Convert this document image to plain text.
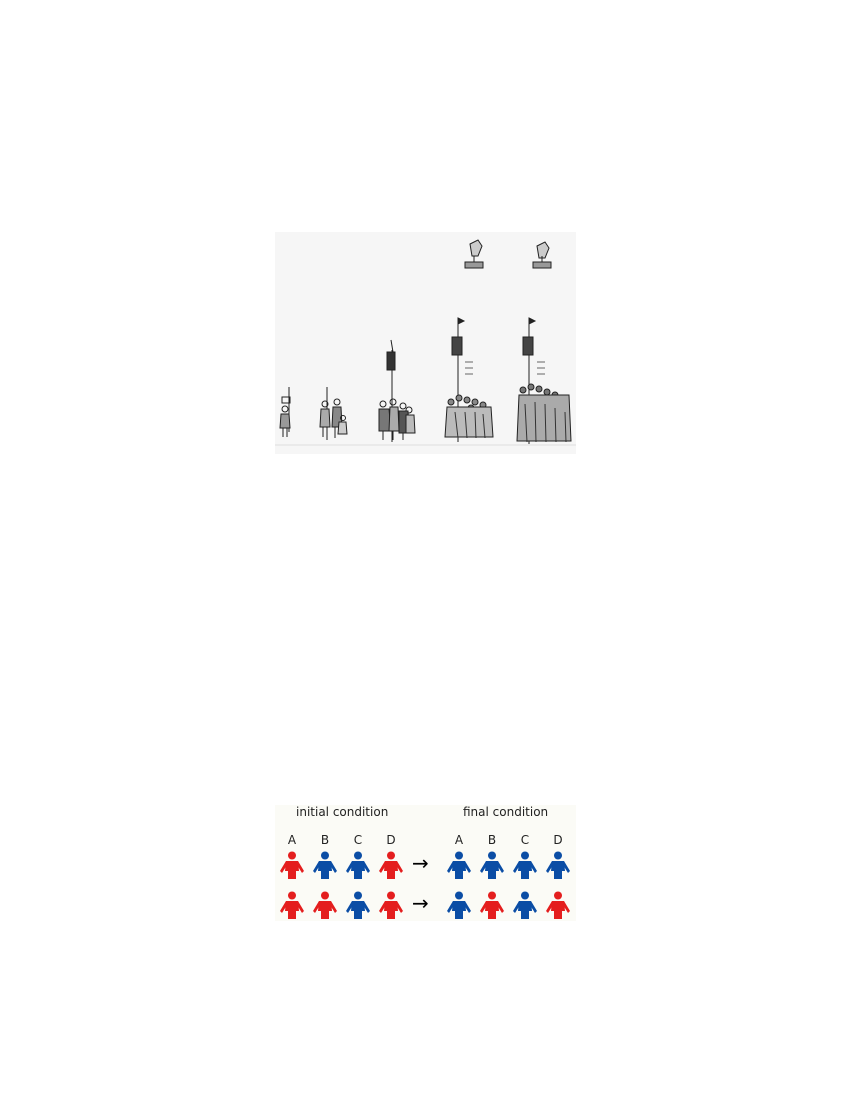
initial condition	final condition
A	B	C	D	A	B	C	D
→
→
